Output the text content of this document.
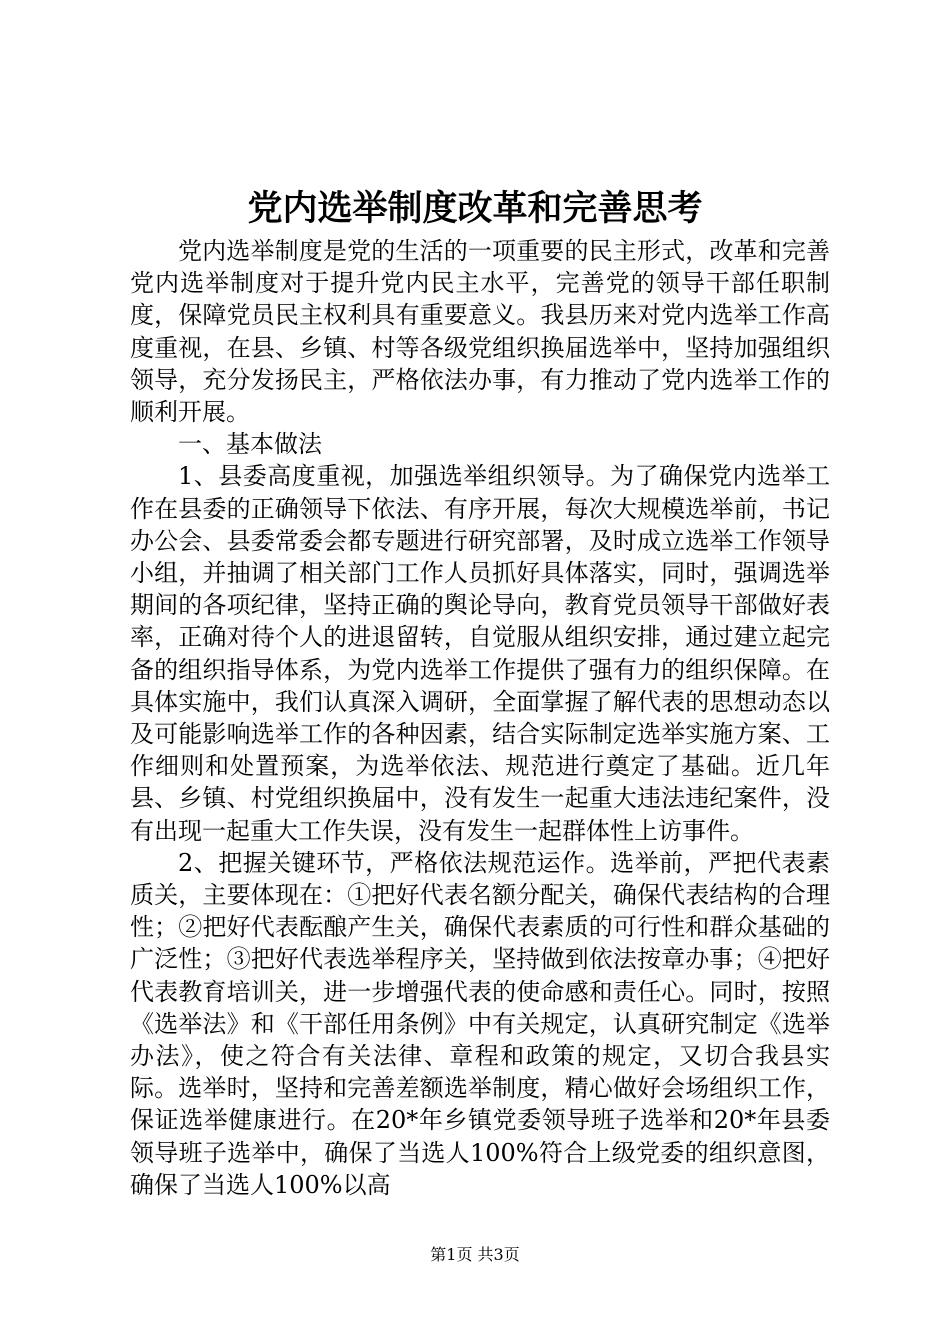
党内选举制度改革和完善思考

党内选举制度是党的生活的一项重要的民主形式，改革和完善党内选举制度对于提升党内民主水平，完善党的领导干部任职制度，保障党员民主权利具有重要意义。我县历来对党内选举工作高度重视，在县、乡镇、村等各级党组织换届选举中，坚持加强组织领导，充分发扬民主，严格依法办事，有力推动了党内选举工作的顺利开展。

一、基本做法

1、县委高度重视，加强选举组织领导。为了确保党内选举工作在县委的正确领导下依法、有序开展，每次大规模选举前，书记办公会、县委常委会都专题进行研究部署，及时成立选举工作领导小组，并抽调了相关部门工作人员抓好具体落实，同时，强调选举期间的各项纪律，坚持正确的舆论导向，教育党员领导干部做好表率，正确对待个人的进退留转，自觉服从组织安排，通过建立起完备的组织指导体系，为党内选举工作提供了强有力的组织保障。在具体实施中，我们认真深入调研，全面掌握了解代表的思想动态以及可能影响选举工作的各种因素，结合实际制定选举实施方案、工作细则和处置预案，为选举依法、规范进行奠定了基础。近几年县、乡镇、村党组织换届中，没有发生一起重大违法违纪案件，没有出现一起重大工作失误，没有发生一起群体性上访事件。

2、把握关键环节，严格依法规范运作。选举前，严把代表素质关，主要体现在：①把好代表名额分配关，确保代表结构的合理性；②把好代表酝酿产生关，确保代表素质的可行性和群众基础的广泛性；③把好代表选举程序关，坚持做到依法按章办事；④把好代表教育培训关，进一步增强代表的使命感和责任心。同时，按照《选举法》和《干部任用条例》中有关规定，认真研究制定《选举办法》，使之符合有关法律、章程和政策的规定，又切合我县实际。选举时，坚持和完善差额选举制度，精心做好会场组织工作，保证选举健康进行。在20*年乡镇党委领导班子选举和20*年县委领导班子选举中，确保了当选人100%符合上级党委的组织意图，确保了当选人100%以高

第1页 共3页
